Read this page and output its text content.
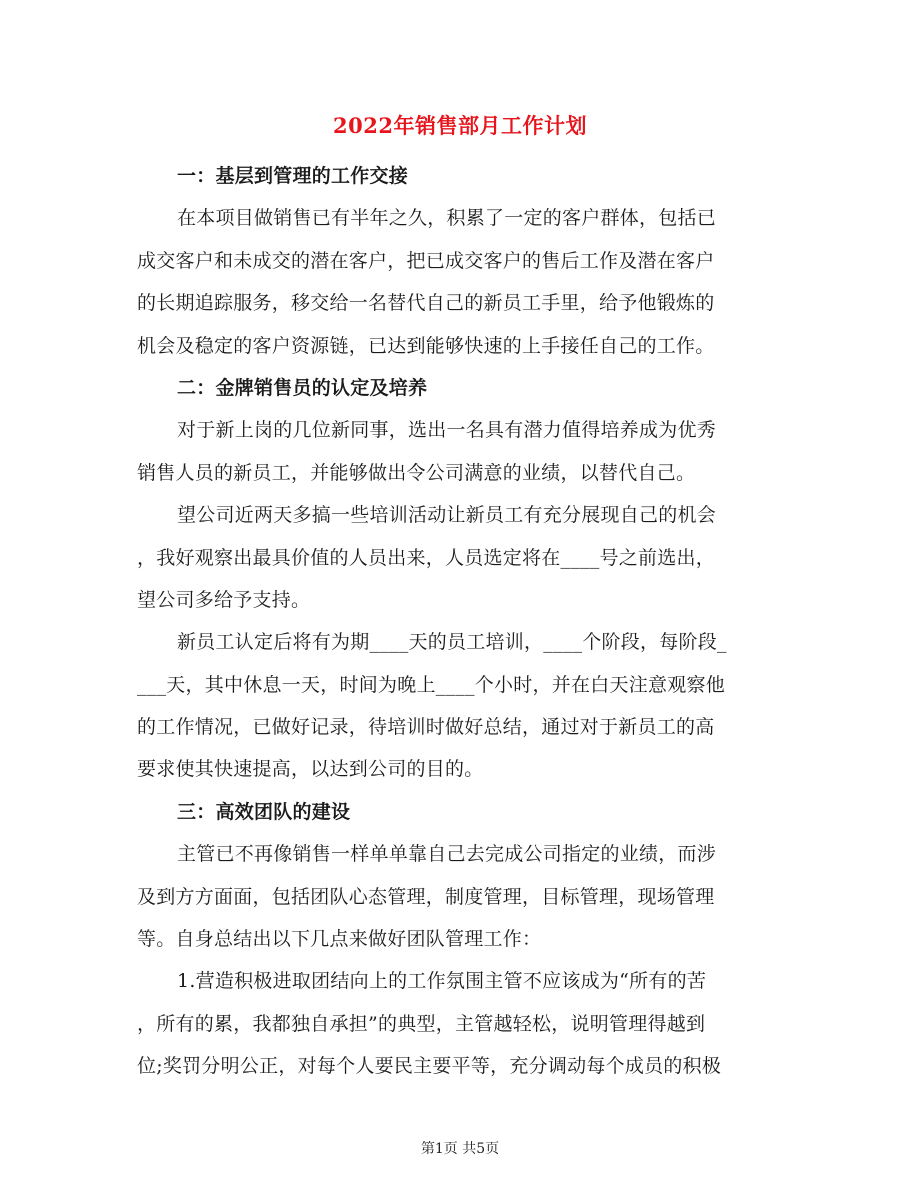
2022年销售部月工作计划
一：基层到管理的工作交接
在本项目做销售已有半年之久，积累了一定的客户群体，包括已
成交客户和未成交的潜在客户，把已成交客户的售后工作及潜在客户
的长期追踪服务，移交给一名替代自己的新员工手里，给予他锻炼的
机会及稳定的客户资源链，已达到能够快速的上手接任自己的工作。
二：金牌销售员的认定及培养
对于新上岗的几位新同事，选出一名具有潜力值得培养成为优秀
销售人员的新员工，并能够做出令公司满意的业绩，以替代自己。
望公司近两天多搞一些培训活动让新员工有充分展现自己的机会
，我好观察出最具价值的人员出来，人员选定将在____号之前选出，
望公司多给予支持。
新员工认定后将有为期____天的员工培训，____个阶段，每阶段_
___天，其中休息一天，时间为晚上____个小时，并在白天注意观察他
的工作情况，已做好记录，待培训时做好总结，通过对于新员工的高
要求使其快速提高，以达到公司的目的。
三：高效团队的建设
主管已不再像销售一样单单靠自己去完成公司指定的业绩，而涉
及到方方面面，包括团队心态管理，制度管理，目标管理，现场管理
等。自身总结出以下几点来做好团队管理工作：
1.营造积极进取团结向上的工作氛围主管不应该成为“所有的苦
，所有的累，我都独自承担”的典型，主管越轻松，说明管理得越到
位;奖罚分明公正，对每个人要民主要平等，充分调动每个成员的积极
第1页 共5页
